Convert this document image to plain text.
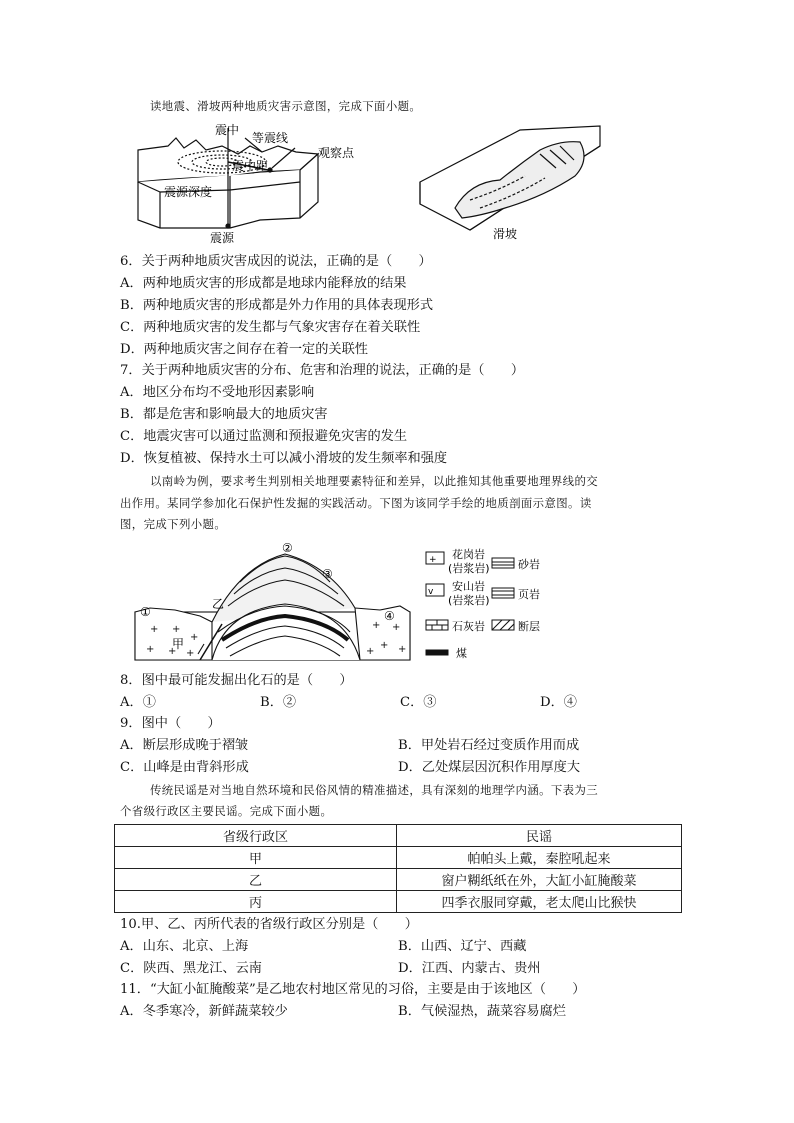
读地震、滑坡两种地质灾害示意图，完成下面小题。
震中
等震线
观察点
震中距
震源深度
震源	滑坡
6．关于两种地质灾害成因的说法，正确的是（　　）
A．两种地质灾害的形成都是地球内能释放的结果
B．两种地质灾害的形成都是外力作用的具体表现形式
C．两种地质灾害的发生都与气象灾害存在着关联性
D．两种地质灾害之间存在着一定的关联性
7．关于两种地质灾害的分布、危害和治理的说法，正确的是（　　）
A．地区分布均不受地形因素影响
B．都是危害和影响最大的地质灾害
C．地震灾害可以通过监测和预报避免灾害的发生
D．恢复植被、保持水土可以减小滑坡的发生频率和强度
以南岭为例，要求考生判别相关地理要素特征和差异，以此推知其他重要地理界线的交
出作用。某同学参加化石保护性发掘的实践活动。下图为该同学手绘的地质剖面示意图。读
图，完成下列小题。
+ +
+
+ + +
+ +
+ +
+
①
②
③
④
甲
乙
+
v
花岗岩
(岩浆岩)	砂岩
安山岩
(岩浆岩)	页岩
石灰岩	断层
煤
8．图中最可能发掘出化石的是（　　）
A．①	B．②	C．③	D．④
9．图中（　　）
A．断层形成晚于褶皱	B．甲处岩石经过变质作用而成
C．山峰是由背斜形成	D．乙处煤层因沉积作用厚度大
传统民谣是对当地自然环境和民俗风情的精准描述，具有深刻的地理学内涵。下表为三
个省级行政区主要民谣。完成下面小题。
省级行政区	民谣
甲	帕帕头上戴，秦腔吼起来
乙	窗户糊纸纸在外，大缸小缸腌酸菜
丙	四季衣服同穿戴，老太爬山比猴快
10.甲、乙、丙所代表的省级行政区分别是（　　）
A．山东、北京、上海	B．山西、辽宁、西藏
C．陕西、黑龙江、云南	D．江西、内蒙古、贵州
11．“大缸小缸腌酸菜”是乙地农村地区常见的习俗，主要是由于该地区（　　）
A．冬季寒冷，新鲜蔬菜较少	B．气候湿热，蔬菜容易腐烂
